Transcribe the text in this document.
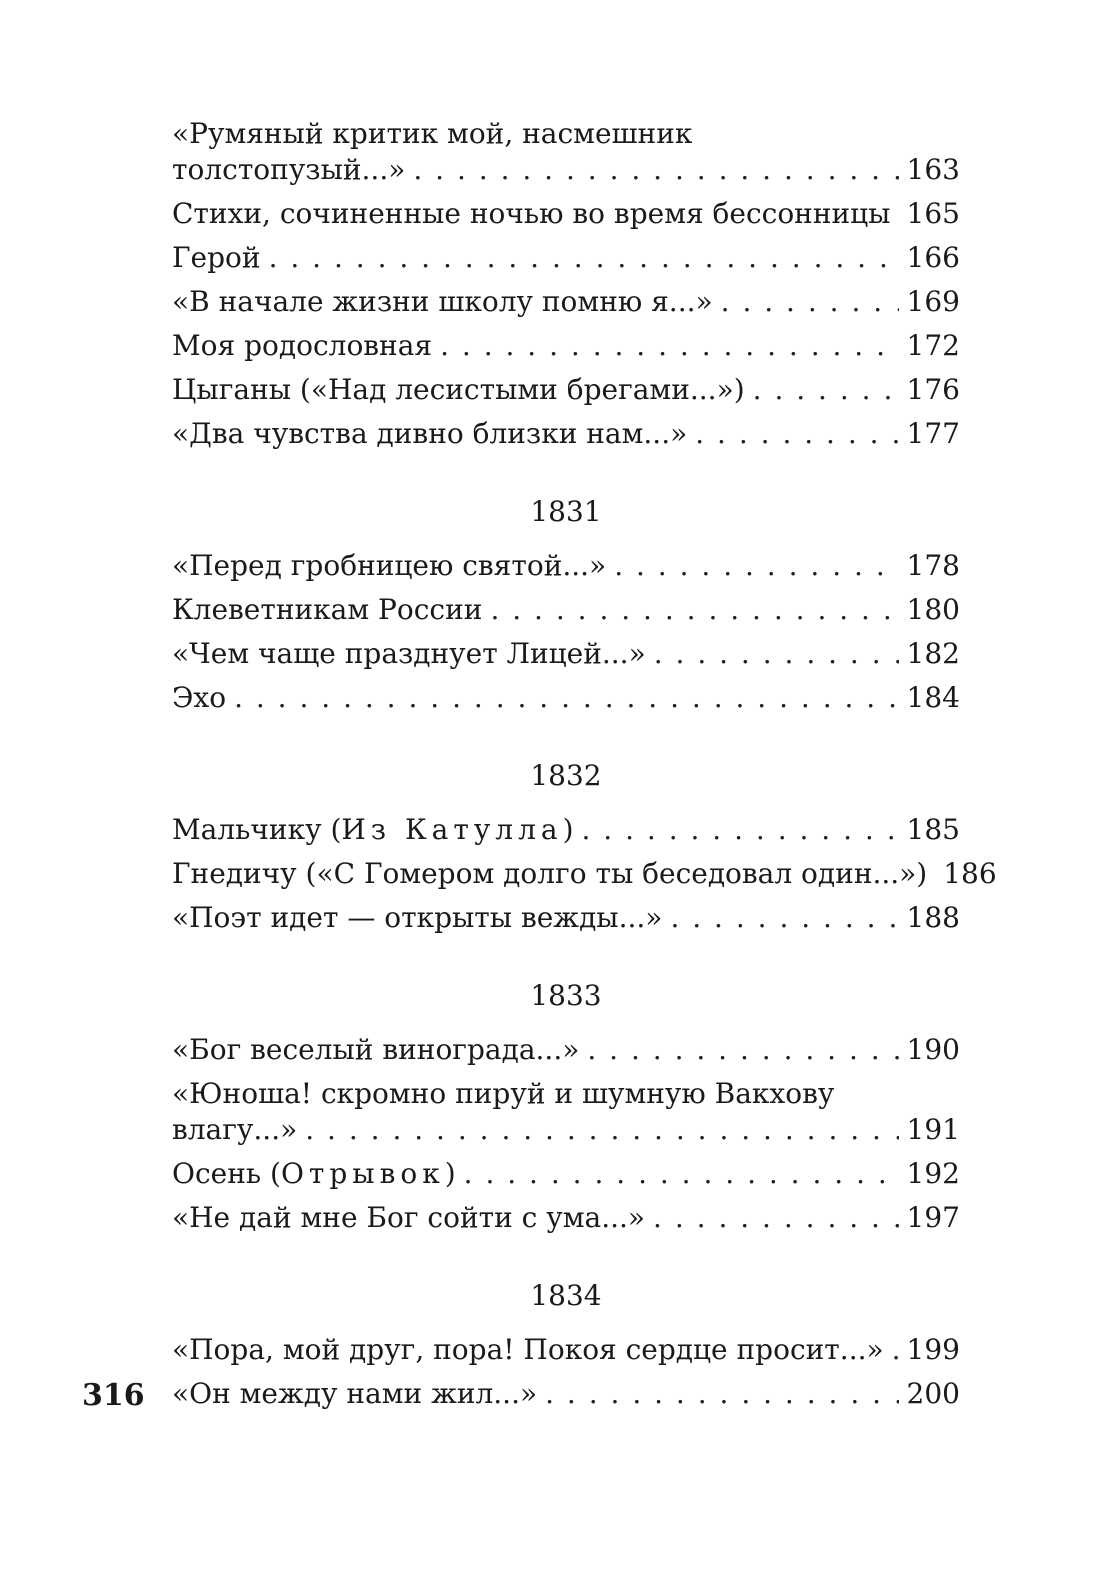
«Румяный критик мой, насмешник
толстопузый...» . . .	163
Стихи, сочиненные ночью во время бессонницы . . . 165
Герой . . .	166
«В начале жизни школу помню я...» . . .	169
Моя родословная . . .	172
Цыганы («Над лесистыми брегами...») . . .	176
«Два чувства дивно близки нам...» . . .	177
1831
«Перед гробницею святой...» . . .	178
Клеветникам России . . .	180
«Чем чаще празднует Лицей...» . . .	182
Эхо . . .	184
1832
Мальчику (Из Катулла) . . .	185
Гнедичу («С Гомером долго ты беседовал один...») 186
«Поэт идет — открыты вежды...» . . .	188
1833
«Бог веселый винограда...» . . .	190
«Юноша! скромно пируй и шумную Вакхову
влагу...» . . .	191
Осень (Отрывок) . . .	192
«Не дай мне Бог сойти с ума...» . . .	197
1834
«Пора, мой друг, пора! Покоя сердце просит...» . . . 199
«Он между нами жил...» . . .	200
316
